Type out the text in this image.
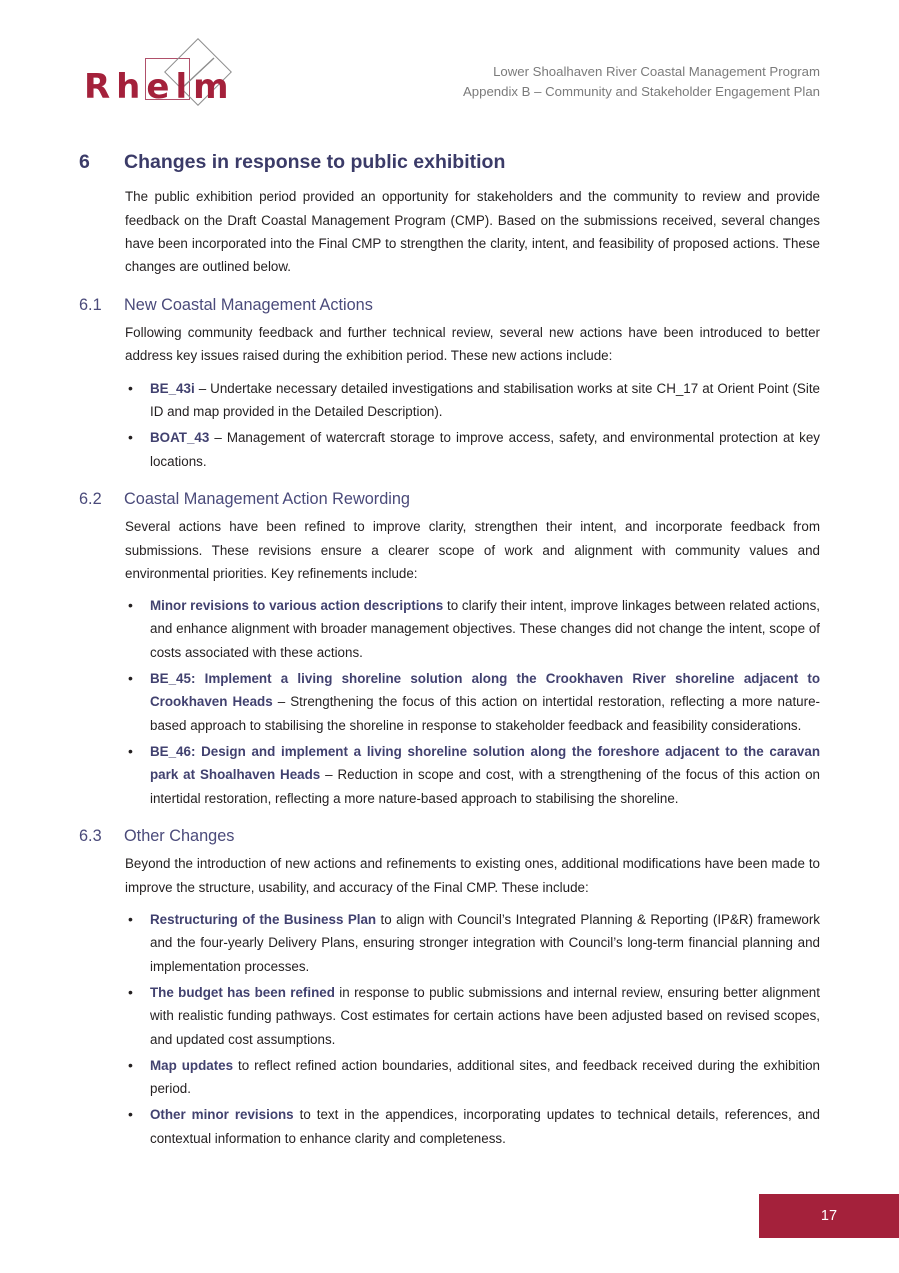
Rhelm	Lower Shoalhaven River Coastal Management Program
Appendix B – Community and Stakeholder Engagement Plan
6	Changes in response to public exhibition

The public exhibition period provided an opportunity for stakeholders and the community to review and provide feedback on the Draft Coastal Management Program (CMP). Based on the submissions received, several changes have been incorporated into the Final CMP to strengthen the clarity, intent, and feasibility of proposed actions. These changes are outlined below.

6.1	New Coastal Management Actions

Following community feedback and further technical review, several new actions have been introduced to better address key issues raised during the exhibition period. These new actions include:

• BE_43i – Undertake necessary detailed investigations and stabilisation works at site CH_17 at Orient Point (Site ID and map provided in the Detailed Description).
• BOAT_43 – Management of watercraft storage to improve access, safety, and environmental protection at key locations.
6.2	Coastal Management Action Rewording

Several actions have been refined to improve clarity, strengthen their intent, and incorporate feedback from submissions. These revisions ensure a clearer scope of work and alignment with community values and environmental priorities. Key refinements include:

• Minor revisions to various action descriptions to clarify their intent, improve linkages between related actions, and enhance alignment with broader management objectives. These changes did not change the intent, scope of costs associated with these actions.
• BE_45: Implement a living shoreline solution along the Crookhaven River shoreline adjacent to Crookhaven Heads – Strengthening the focus of this action on intertidal restoration, reflecting a more nature-based approach to stabilising the shoreline in response to stakeholder feedback and feasibility considerations.
• BE_46: Design and implement a living shoreline solution along the foreshore adjacent to the caravan park at Shoalhaven Heads – Reduction in scope and cost, with a strengthening of the focus of this action on intertidal restoration, reflecting a more nature-based approach to stabilising the shoreline.
6.3	Other Changes

Beyond the introduction of new actions and refinements to existing ones, additional modifications have been made to improve the structure, usability, and accuracy of the Final CMP. These include:

• Restructuring of the Business Plan to align with Council’s Integrated Planning & Reporting (IP&R) framework and the four-yearly Delivery Plans, ensuring stronger integration with Council’s long-term financial planning and implementation processes.
• The budget has been refined in response to public submissions and internal review, ensuring better alignment with realistic funding pathways. Cost estimates for certain actions have been adjusted based on revised scopes, and updated cost assumptions.
• Map updates to reflect refined action boundaries, additional sites, and feedback received during the exhibition period.
• Other minor revisions to text in the appendices, incorporating updates to technical details, references, and contextual information to enhance clarity and completeness.
17
